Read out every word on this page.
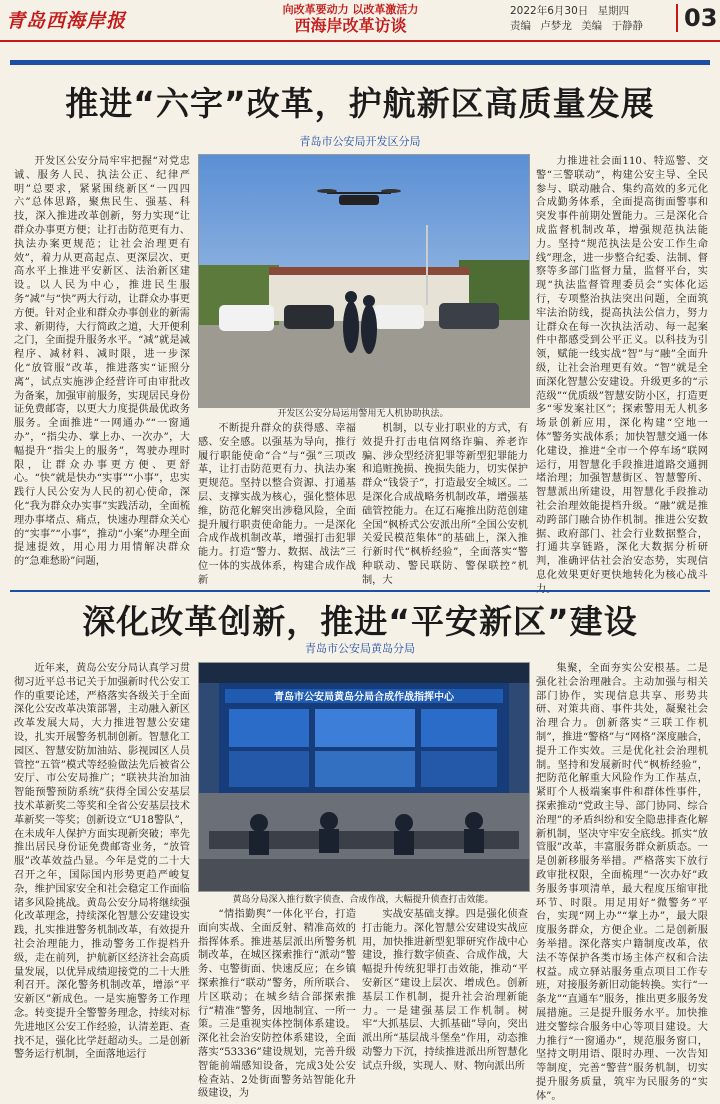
青岛西海岸报
向改革要动力 以改革激活力
西海岸改革访谈
2022年6月30日 星期四
责编 卢梦龙 美编 于静静	03
推进“六字”改革，护航新区高质量发展
青岛市公安局开发区分局

开发区公安分局牢牢把握“对党忠诚、服务人民、执法公正、纪律严明”总要求，紧紧围绕新区“一四四六”总体思路，聚焦民生、强基、科技，深入推进改革创新，努力实现“让群众办事更方便；让打击防范更有力、执法办案更规范；让社会治理更有效”，着力从更高起点、更深层次、更高水平上推进平安新区、法治新区建设。以人民为中心，推进民生服务“减”与“快”两大行动，让群众办事更方便。针对企业和群众办事创业的新需求、新期待，大行简政之道，大开便利之门，全面提升服务水平。“减”就是减程序、减材料、减时限，进一步深化“放管服”改革，推进落实“证照分离”，试点实施涉企经营许可由审批改为备案，加强审前服务，实现居民身份证免费邮寄，以更大力度提供最优政务服务。全面推进“一网通办”“一窗通办”，“指尖办、掌上办、一次办”，大幅提升“指尖上的服务”，驾驶办理时限，让群众办事更方便、更舒心。“快”就是快办“实事”“小事”，忠实践行人民公安为人民的初心使命，深化“我为群众办实事”实践活动，全面梳理办事堵点、痛点，快速办理群众关心的“实事”“小事”，推动“小案”办理全面提速提效，用心用力用情解决群众的“急难愁盼”问题，

开发区公安分局运用警用无人机协助执法。

不断提升群众的获得感、幸福感、安全感。以强基为导向，推行履行职能使命“合”与“强”三项改革，让打击防范更有力、执法办案更规范。坚持以整合资源、打通基层、支撑实战为核心，强化整体思维，防范化解突出涉稳风险，全面提升履行职责使命能力。一是深化合成作战机制改革，增强打击犯罪能力。打造“警力、数据、战法”三位一体的实战体系，构建合成作战新

机制，以专业打职业的方式，有效提升打击电信网络诈骗、养老诈骗、涉众型经济犯罪等新型犯罪能力和追赃挽损、挽损失能力，切实保护群众“钱袋子”，打造最安全城区。二是深化合成战略务机制改革，增强基础管控能力。在辽石庵推出防范创建全国“枫桥式公安派出所”全国公安机关爱民模范集体”的基础上，深入推行新时代“枫桥经验”，全面落实“警种联动、警民联防、警保联控”机制，大

力推进社会面110、特巡警、交警“三警联动”，构建公安主导、全民参与、联动融合、集约高效的多元化合成勤务体系，全面提高街面警事和突发事件前期处置能力。三是深化合成监督机制改革，增强规范执法能力。坚持“规范执法是公安工作生命线”理念，进一步整合纪委、法制、督察等多部门监督力量，监督平台，实现“执法监督管理委员会”实体化运行，专项整治执法突出问题，全面筑牢法治防线，提高执法公信力，努力让群众在每一次执法活动、每一起案件中都感受到公平正义。以科技为引领，赋能一线实战“智”与“融”全面升级，让社会治理更有效。“智”就是全面深化智慧公安建设。升级更多的“示范级”“优质级”智慧安防小区，打造更多“零发案社区”；探索警用无人机多场景创新应用，深化构建“空地一体”警务实战体系；加快智慧交通一体化建设，推进“全市一个停车场”联网运行，用智慧化手段推进道路交通拥堵治理；加强智慧街区、智慧警所、智慧派出所建设，用智慧化手段推动社会治理效能提档升级。“融”就是推动跨部门融合协作机制。推进公安数据、政府部门、社会行业数据整合，打通共享链路，深化大数据分析研判，准确评估社会治安态势，实现信息化效果更好更快地转化为核心战斗

深化改革创新，推进“平安新区”建设
青岛市公安局黄岛分局

近年来，黄岛公安分局认真学习贯彻习近平总书记关于加强新时代公安工作的重要论述，严格落实各级关于全面深化公安改革决策部署，主动融入新区改革发展大局，大力推进智慧公安建设，扎实开展警务机制创新。智慧化工园区、智慧安防加油站、影视园区人员管控“五管”模式等经验做法先后被省公安厅、市公安局推广；“联袂共治加油智能预警预防系统”获得全国公安基层技术革新奖二等奖和全省公安基层技术革新奖一等奖；创新设立“U18警队”，在未成年人保护方面实现新突破；率先推出居民身份证免费邮寄业务，“放管服”改革效益凸显。今年是党的二十大召开之年，国际国内形势更趋严峻复杂，维护国家安全和社会稳定工作面临诸多风险挑战。黄岛公安分局将继续强化改革理念，持续深化智慧公安建设实践，扎实推进警务机制改革，有效提升社会治理能力，推动警务工作提档升级，走在前列，护航新区经济社会高质量发展，以优异成绩迎接党的二十大胜利召开。深化警务机制改革，增添“平安新区”新成色。一是实施警务工作理念。转变提升全警警务理念，持续对标先进地区公安工作经验，认清差距、查找不足，强化比学赶超动头。二是创新警务运行机制，全面落地运行

青岛市公安局黄岛分局合成作战指挥中心
黄岛分局深入推行数字侦查、合成作战，大幅提升侦查打击效能。

“情指勤舆”一体化平台，打造面向实战、全面反射、精准高效的指挥体系。推进基层派出所警务机制改革，在城区探索推行“派动”警务、屯警街面、快速反应；在乡镇探索推行“联动”警务，所所联合、片区联动；在城乡结合部探索推行“精准”警务，因地制宜、一所一策。三是重视实体控制体系建设。深化社会治安防控体系建设，全面落实“53336”建设规划，完善升级智能前端感知设备，完成3处公安检查站、2处街面警务站智能化升级建设，为

实战安基础支撑。四是强化侦查打击能力。深化智慧公安建设实战应用，加快推进新型犯罪研究作战中心建设，推行数字侦查、合成作战，大幅提升传统犯罪打击效能，推动“平安新区”建设上层次、增成色。创新基层工作机制，提升社会治理新能力。一是建强基层工作机制。树牢“大抓基层、大抓基础”导向，突出派出所“基层战斗堡垒”作用，动态推动警力下沉，持续推进派出所智慧化试点升级，实现人、财、物向派出所

集聚，全面夯实公安根基。二是强化社会治理融合。主动加强与相关部门协作，实现信息共享、形势共研、对策共商、事件共处，凝聚社会治理合力。创新落实“三联工作机制”，推进“警格”与“网格”深度融合，提升工作实效。三是优化社会治理机制。坚持和发展新时代“枫桥经验”，把防范化解重大风险作为工作基点，紧盯个人极端案事件和群体性事件，探索推动“党政主导、部门协同、综合治理”的矛盾纠纷和安全隐患排查化解新机制，坚决守牢安全底线。抓实“放管服”改革，丰富服务群众新质态。一是创新移服务举措。严格落实下放行政审批权限，全面梳理“一次办好”政务服务事项清单，最大程度压缩审批环节、时限。用足用好“微警务”平台，实现“网上办”“掌上办”，最大限度服务群众，方便企业。二是创新服务举措。深化落实户籍制度改革，依法不等保护各类市场主体产权和合法权益。成立驿站服务重点项目工作专班，对接服务新旧动能转换。实行“一条龙”“直通车”服务，推出更多服务发展措施。三是提升服务水平。加快推进交警综合服务中心等项目建设。大力推行“一窗通办”，规范服务窗口，坚持文明用语、限时办理、一次告知等制度，完善“警营”服务机制，切实提升服务质量，筑牢为民服务的“实体”。
